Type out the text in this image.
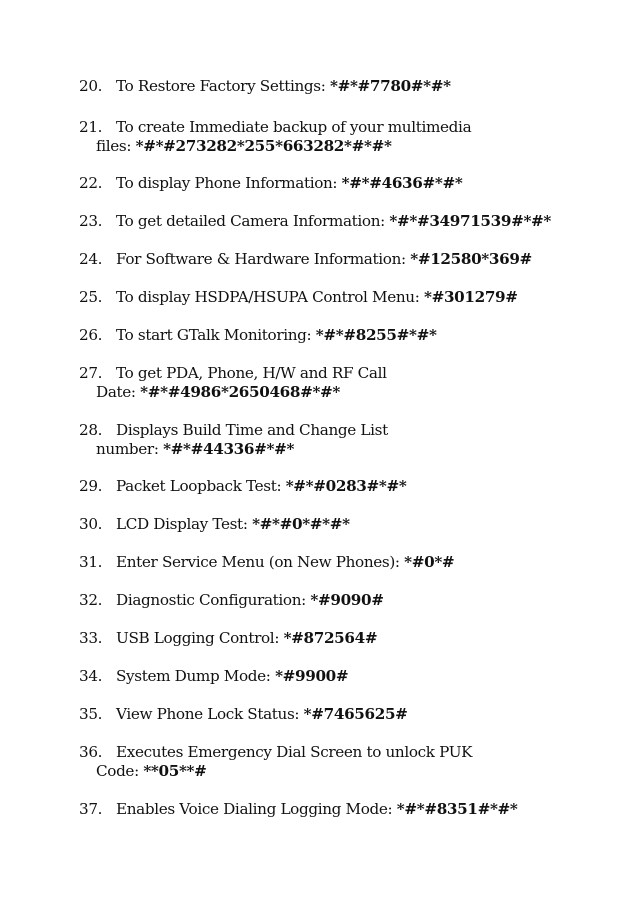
20. To Restore Factory Settings: *#*#7780#*#*
21. To create Immediate backup of your multimedia
files: *#*#273282*255*663282*#*#*
22. To display Phone Information: *#*#4636#*#*
23. To get detailed Camera Information: *#*#34971539#*#*
24. For Software & Hardware Information: *#12580*369#
25. To display HSDPA/HSUPA Control Menu: *#301279#
26. To start GTalk Monitoring: *#*#8255#*#*
27. To get PDA, Phone, H/W and RF Call
Date: *#*#4986*2650468#*#*
28. Displays Build Time and Change List
number: *#*#44336#*#*
29. Packet Loopback Test: *#*#0283#*#*
30. LCD Display Test: *#*#0*#*#*
31. Enter Service Menu (on New Phones): *#0*#
32. Diagnostic Configuration: *#9090#
33. USB Logging Control: *#872564#
34. System Dump Mode: *#9900#
35. View Phone Lock Status: *#7465625#
36. Executes Emergency Dial Screen to unlock PUK
Code: **05**#
37. Enables Voice Dialing Logging Mode: *#*#8351#*#*
